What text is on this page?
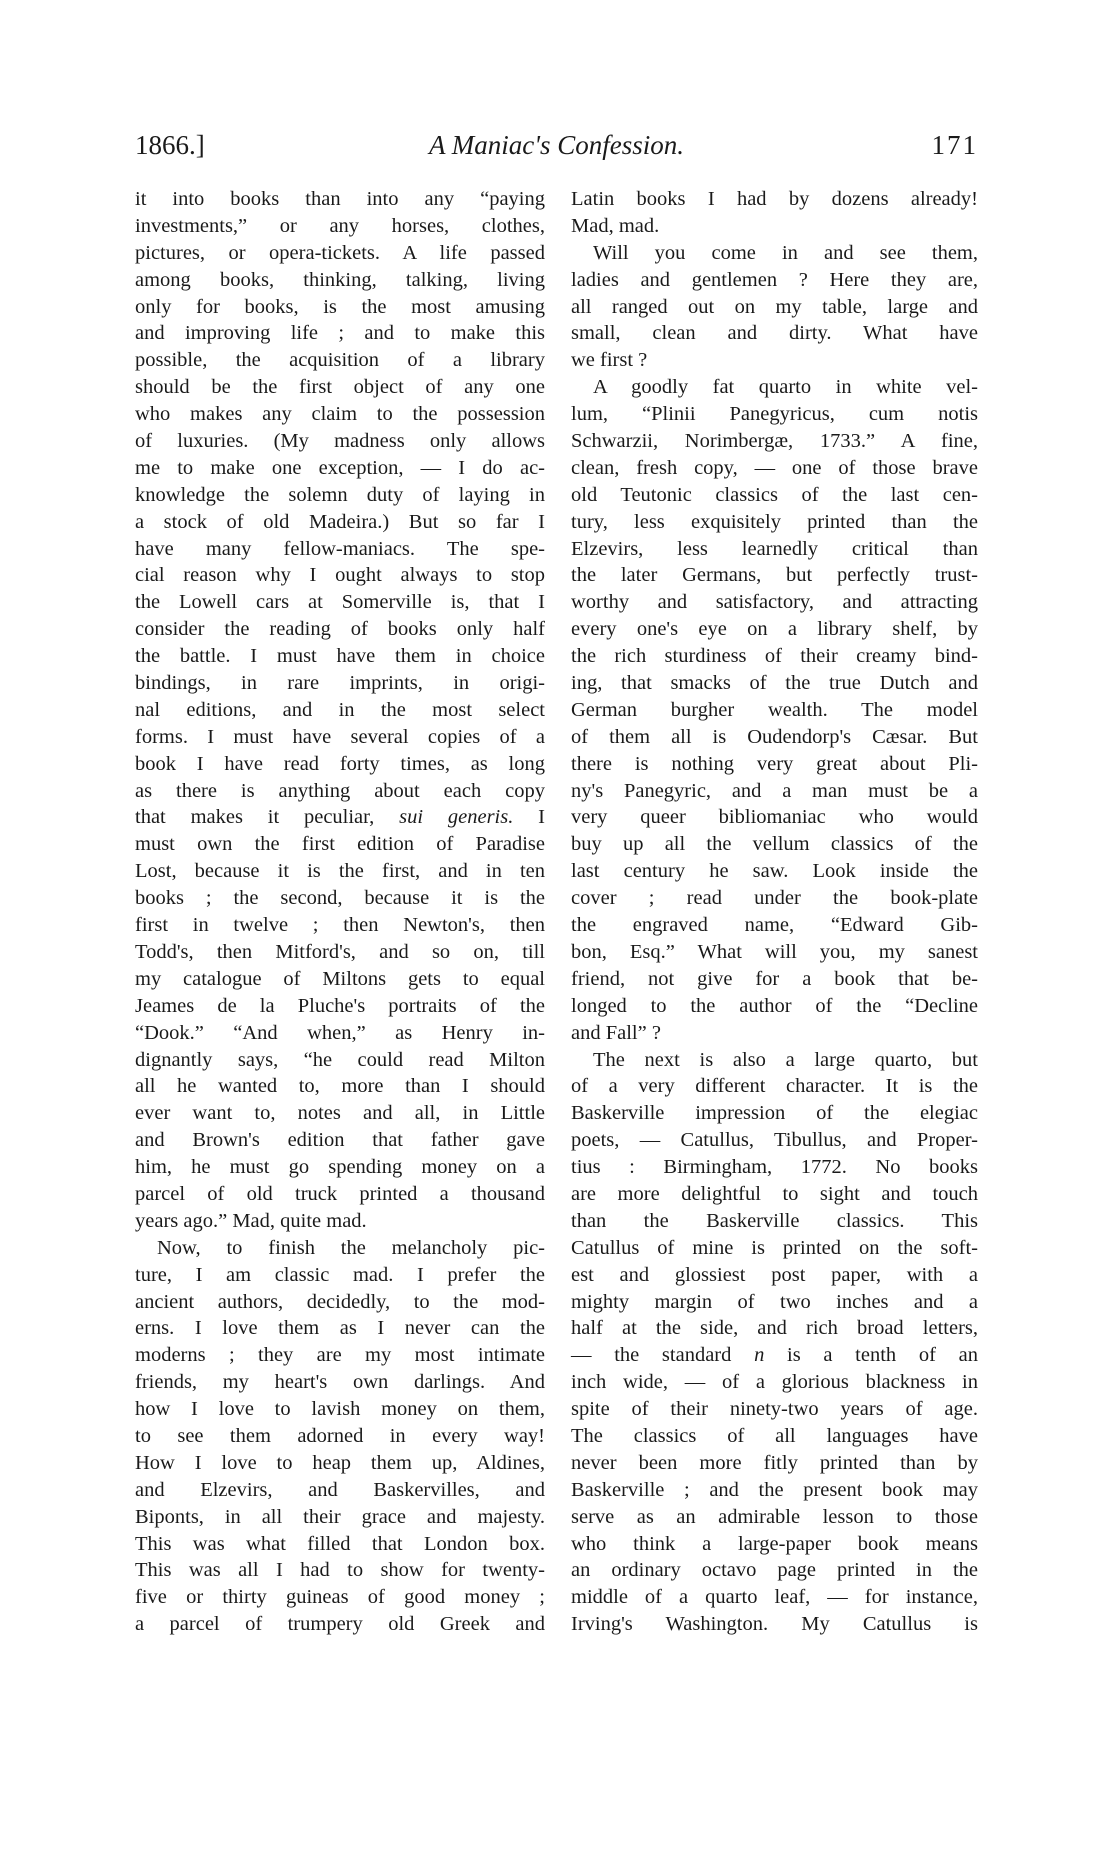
1866.]	A Maniac's Confession.	171
it into books than into any “paying
investments,” or any horses, clothes,
pictures, or opera-tickets. A life passed
among books, thinking, talking, living
only for books, is the most amusing
and improving life ; and to make this
possible, the acquisition of a library
should be the first object of any one
who makes any claim to the possession
of luxuries. (My madness only allows
me to make one exception, — I do ac-
knowledge the solemn duty of laying in
a stock of old Madeira.) But so far I
have many fellow-maniacs. The spe-
cial reason why I ought always to stop
the Lowell cars at Somerville is, that I
consider the reading of books only half
the battle. I must have them in choice
bindings, in rare imprints, in origi-
nal editions, and in the most select
forms. I must have several copies of a
book I have read forty times, as long
as there is anything about each copy
that makes it peculiar, sui generis. I
must own the first edition of Paradise
Lost, because it is the first, and in ten
books ; the second, because it is the
first in twelve ; then Newton's, then
Todd's, then Mitford's, and so on, till
my catalogue of Miltons gets to equal
Jeames de la Pluche's portraits of the
“Dook.” “And when,” as Henry in-
dignantly says, “he could read Milton
all he wanted to, more than I should
ever want to, notes and all, in Little
and Brown's edition that father gave
him, he must go spending money on a
parcel of old truck printed a thousand
years ago.” Mad, quite mad.
Now, to finish the melancholy pic-
ture, I am classic mad. I prefer the
ancient authors, decidedly, to the mod-
erns. I love them as I never can the
moderns ; they are my most intimate
friends, my heart's own darlings. And
how I love to lavish money on them,
to see them adorned in every way!
How I love to heap them up, Aldines,
and Elzevirs, and Baskervilles, and
Biponts, in all their grace and majesty.
This was what filled that London box.
This was all I had to show for twenty-
five or thirty guineas of good money ;
a parcel of trumpery old Greek and
Latin books I had by dozens already!
Mad, mad.
Will you come in and see them,
ladies and gentlemen ? Here they are,
all ranged out on my table, large and
small, clean and dirty. What have
we first ?
A goodly fat quarto in white vel-
lum, “Plinii Panegyricus, cum notis
Schwarzii, Norimbergæ, 1733.” A fine,
clean, fresh copy, — one of those brave
old Teutonic classics of the last cen-
tury, less exquisitely printed than the
Elzevirs, less learnedly critical than
the later Germans, but perfectly trust-
worthy and satisfactory, and attracting
every one's eye on a library shelf, by
the rich sturdiness of their creamy bind-
ing, that smacks of the true Dutch and
German burgher wealth. The model
of them all is Oudendorp's Cæsar. But
there is nothing very great about Pli-
ny's Panegyric, and a man must be a
very queer bibliomaniac who would
buy up all the vellum classics of the
last century he saw. Look inside the
cover ; read under the book-plate
the engraved name, “Edward Gib-
bon, Esq.” What will you, my sanest
friend, not give for a book that be-
longed to the author of the “Decline
and Fall” ?
The next is also a large quarto, but
of a very different character. It is the
Baskerville impression of the elegiac
poets, — Catullus, Tibullus, and Proper-
tius : Birmingham, 1772. No books
are more delightful to sight and touch
than the Baskerville classics. This
Catullus of mine is printed on the soft-
est and glossiest post paper, with a
mighty margin of two inches and a
half at the side, and rich broad letters,
— the standard n is a tenth of an
inch wide, — of a glorious blackness in
spite of their ninety-two years of age.
The classics of all languages have
never been more fitly printed than by
Baskerville ; and the present book may
serve as an admirable lesson to those
who think a large-paper book means
an ordinary octavo page printed in the
middle of a quarto leaf, — for instance,
Irving's Washington. My Catullus is
